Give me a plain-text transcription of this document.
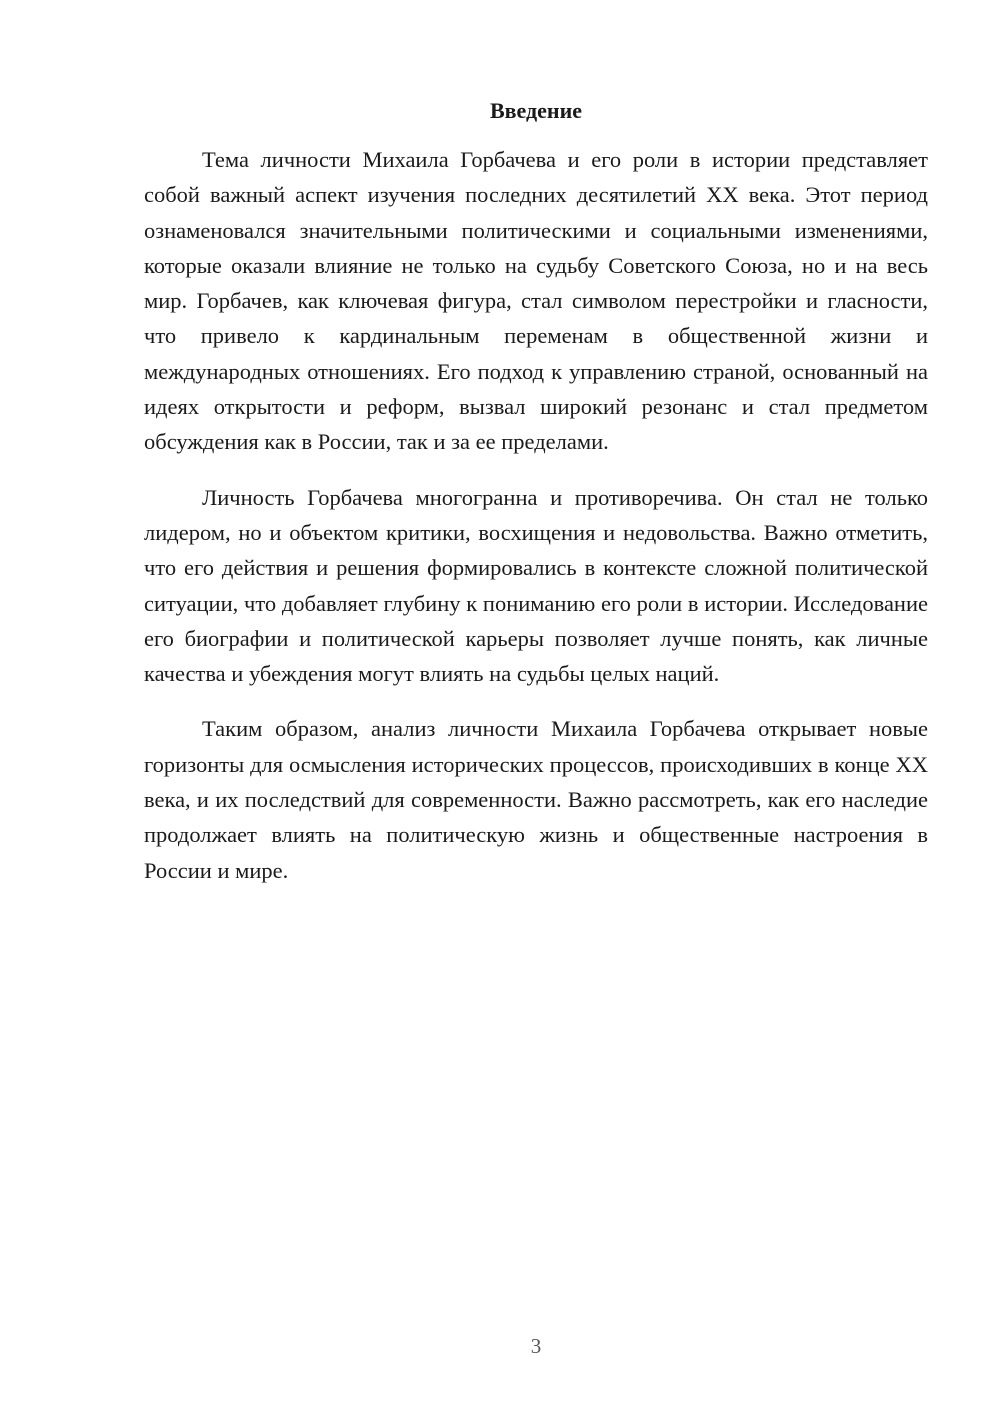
Введение

Тема личности Михаила Горбачева и его роли в истории представляет собой важный аспект изучения последних десятилетий XX века. Этот период ознаменовался значительными политическими и социальными изменениями, которые оказали влияние не только на судьбу Советского Союза, но и на весь мир. Горбачев, как ключевая фигура, стал символом перестройки и гласности, что привело к кардинальным переменам в общественной жизни и международных отношениях. Его подход к управлению страной, основанный на идеях открытости и реформ, вызвал широкий резонанс и стал предметом обсуждения как в России, так и за ее пределами.

Личность Горбачева многогранна и противоречива. Он стал не только лидером, но и объектом критики, восхищения и недовольства. Важно отметить, что его действия и решения формировались в контексте сложной политической ситуации, что добавляет глубину к пониманию его роли в истории. Исследование его биографии и политической карьеры позволяет лучше понять, как личные качества и убеждения могут влиять на судьбы целых наций.

Таким образом, анализ личности Михаила Горбачева открывает новые горизонты для осмысления исторических процессов, происходивших в конце XX века, и их последствий для современности. Важно рассмотреть, как его наследие продолжает влиять на политическую жизнь и общественные настроения в России и мире.

3
